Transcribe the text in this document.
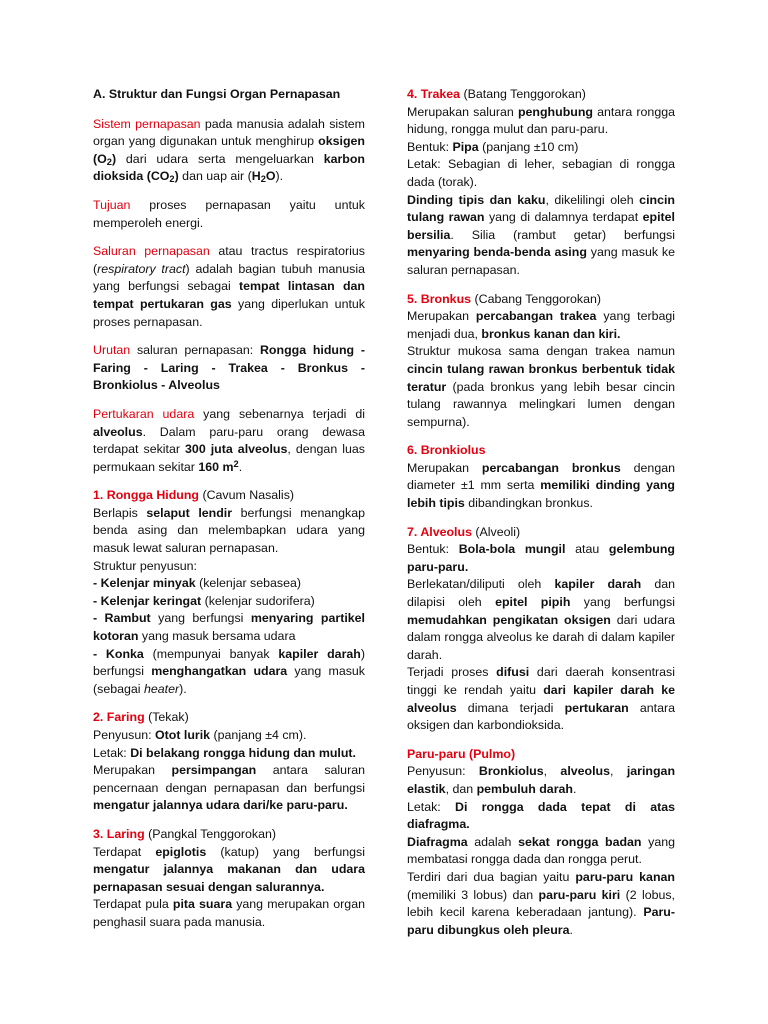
A. Struktur dan Fungsi Organ Pernapasan

Sistem pernapasan pada manusia adalah sistem organ yang digunakan untuk menghirup oksigen (O2) dari udara serta mengeluarkan karbon dioksida (CO2) dan uap air (H2O).

Tujuan proses pernapasan yaitu untuk memperoleh energi.

Saluran pernapasan atau tractus respiratorius (respiratory tract) adalah bagian tubuh manusia yang berfungsi sebagai tempat lintasan dan tempat pertukaran gas yang diperlukan untuk proses pernapasan.

Urutan saluran pernapasan: Rongga hidung - Faring - Laring - Trakea - Bronkus - Bronkiolus - Alveolus

Pertukaran udara yang sebenarnya terjadi di alveolus. Dalam paru-paru orang dewasa terdapat sekitar 300 juta alveolus, dengan luas permukaan sekitar 160 $m^2$.

1. Rongga Hidung (Cavum Nasalis)
Berlapis selaput lendir berfungsi menangkap benda asing dan melembapkan udara yang masuk lewat saluran pernapasan.
Struktur penyusun:
- Kelenjar minyak (kelenjar sebasea)
- Kelenjar keringat (kelenjar sudorifera)
- Rambut yang berfungsi menyaring partikel kotoran yang masuk bersama udara
- Konka (mempunyai banyak kapiler darah) berfungsi menghangatkan udara yang masuk (sebagai heater).

2. Faring (Tekak)
Penyusun: Otot lurik (panjang ±4 cm).
Letak: Di belakang rongga hidung dan mulut.
Merupakan persimpangan antara saluran pencernaan dengan pernapasan dan berfungsi mengatur jalannya udara dari/ke paru-paru.

3. Laring (Pangkal Tenggorokan)
Terdapat epiglotis (katup) yang berfungsi mengatur jalannya makanan dan udara pernapasan sesuai dengan salurannya.
Terdapat pula pita suara yang merupakan organ penghasil suara pada manusia.

4. Trakea (Batang Tenggorokan)
Merupakan saluran penghubung antara rongga hidung, rongga mulut dan paru-paru.
Bentuk: Pipa (panjang ±10 cm)
Letak: Sebagian di leher, sebagian di rongga dada (torak).
Dinding tipis dan kaku, dikelilingi oleh cincin tulang rawan yang di dalamnya terdapat epitel bersilia. Silia (rambut getar) berfungsi menyaring benda-benda asing yang masuk ke saluran pernapasan.

5. Bronkus (Cabang Tenggorokan)
Merupakan percabangan trakea yang terbagi menjadi dua, bronkus kanan dan kiri.
Struktur mukosa sama dengan trakea namun cincin tulang rawan bronkus berbentuk tidak teratur (pada bronkus yang lebih besar cincin tulang rawannya melingkari lumen dengan sempurna).

6. Bronkiolus
Merupakan percabangan bronkus dengan diameter ±1 mm serta memiliki dinding yang lebih tipis dibandingkan bronkus.

7. Alveolus (Alveoli)
Bentuk: Bola-bola mungil atau gelembung paru-paru.
Berlekatan/diliputi oleh kapiler darah dan dilapisi oleh epitel pipih yang berfungsi memudahkan pengikatan oksigen dari udara dalam rongga alveolus ke darah di dalam kapiler darah.
Terjadi proses difusi dari daerah konsentrasi tinggi ke rendah yaitu dari kapiler darah ke alveolus dimana terjadi pertukaran antara oksigen dan karbondioksida.

Paru-paru (Pulmo)
Penyusun: Bronkiolus, alveolus, jaringan elastik, dan pembuluh darah.
Letak: Di rongga dada tepat di atas diafragma.
Diafragma adalah sekat rongga badan yang membatasi rongga dada dan rongga perut.
Terdiri dari dua bagian yaitu paru-paru kanan (memiliki 3 lobus) dan paru-paru kiri (2 lobus, lebih kecil karena keberadaan jantung). Paru-paru dibungkus oleh pleura.
